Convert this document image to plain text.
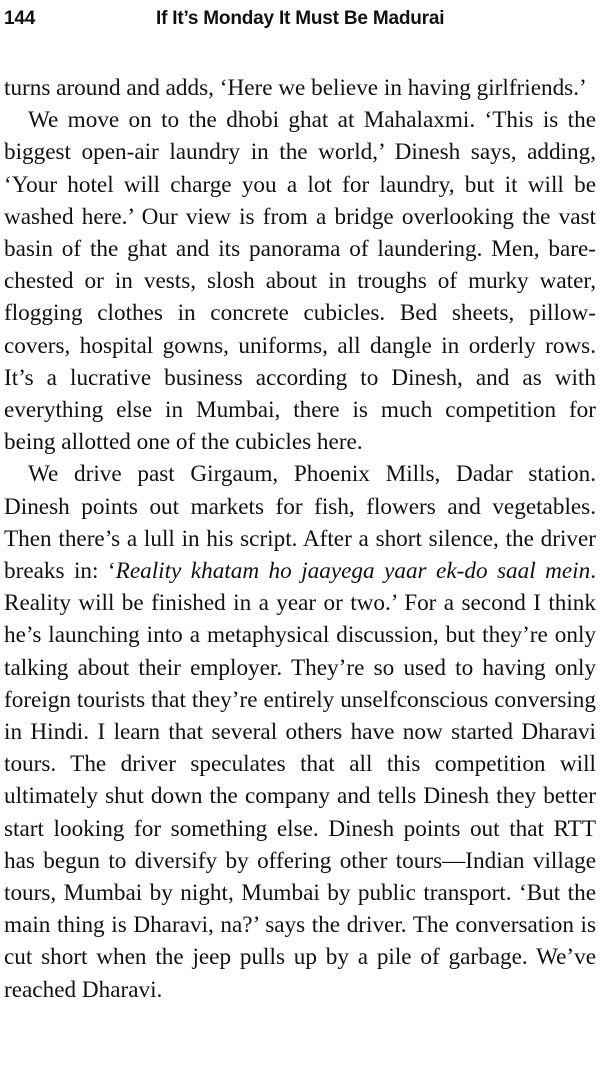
144	If It’s Monday It Must Be Madurai

turns around and adds, ‘Here we believe in having girlfriends.’

We move on to the dhobi ghat at Mahalaxmi. ‘This is the biggest open-air laundry in the world,’ Dinesh says, adding, ‘Your hotel will charge you a lot for laundry, but it will be washed here.’ Our view is from a bridge overlooking the vast basin of the ghat and its panorama of laundering. Men, bare-chested or in vests, slosh about in troughs of murky water, flogging clothes in concrete cubicles. Bed sheets, pillow-covers, hospital gowns, uniforms, all dangle in orderly rows. It’s a lucrative business according to Dinesh, and as with everything else in Mumbai, there is much competition for being allotted one of the cubicles here.

We drive past Girgaum, Phoenix Mills, Dadar station. Dinesh points out markets for fish, flowers and vegetables. Then there’s a lull in his script. After a short silence, the driver breaks in: ‘Reality khatam ho jaayega yaar ek-do saal mein. Reality will be finished in a year or two.’ For a second I think he’s launching into a metaphysical discussion, but they’re only talking about their employer. They’re so used to having only foreign tourists that they’re entirely unselfconscious conversing in Hindi. I learn that several others have now started Dharavi tours. The driver speculates that all this competition will ultimately shut down the company and tells Dinesh they better start looking for something else. Dinesh points out that RTT has begun to diversify by offering other tours—Indian village tours, Mumbai by night, Mumbai by public transport. ‘But the main thing is Dharavi, na?’ says the driver. The conversation is cut short when the jeep pulls up by a pile of garbage. We’ve reached Dharavi.
